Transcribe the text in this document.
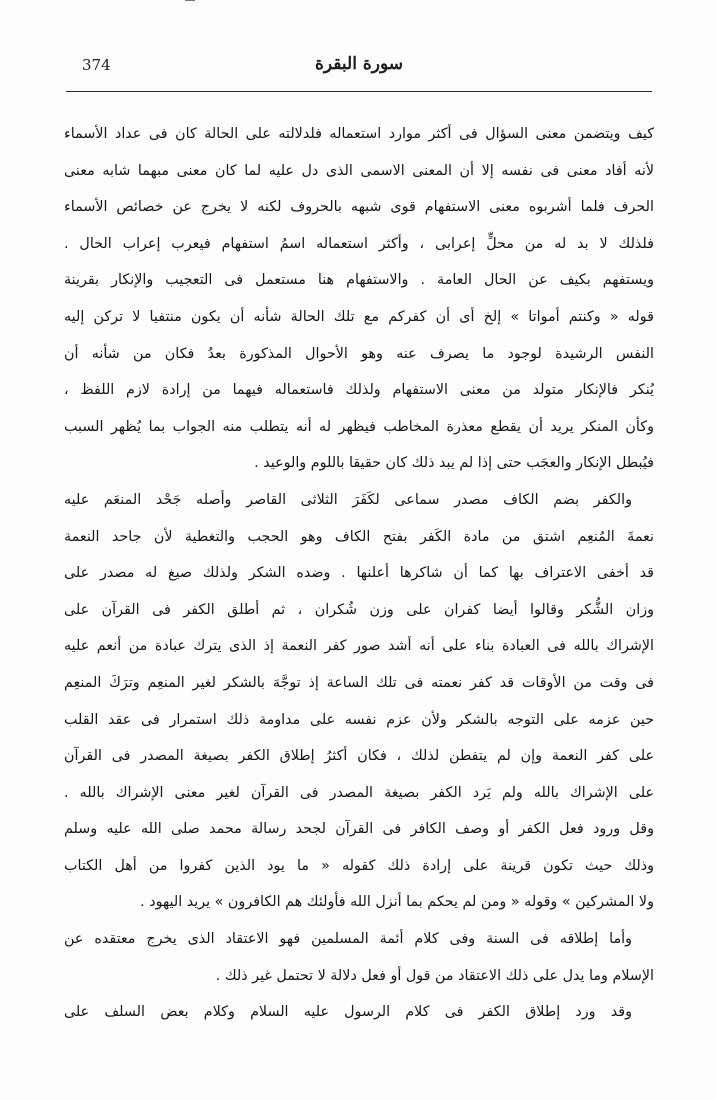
374	سورة البقرة
كيف ويتضمن معنى السؤال فى أكثر موارد استعماله فلدلالته على الحالة كان فى عداد الأسماء
لأنه أفاد معنى فى نفسه إلا أن المعنى الاسمى الذى دل عليه لما كان معنى مبهما شابه معنى
الحرف فلما أشربوه معنى الاستفهام قوى شبهه بالحروف لكنه لا يخرج عن خصائص الأسماء
فلذلك لا بد له من محلٍّ إعرابى ، وأكثر استعماله اسمُ استفهام فيعرب إعراب الحال .
ويستفهم بكيف عن الحال العامة . والاستفهام هنا مستعمل فى التعجيب والإنكار بقرينة
قوله « وكنتم أمواتا » إلخ أى أن كفركم مع تلك الحالة شأنه أن يكون منتفيا لا تركن إليه
النفس الرشيدة لوجود ما يصرف عنه وهو الأحوال المذكورة بعدُ فكان من شأنه أن
يُنكر فالإنكار متولد من معنى الاستفهام ولذلك فاستعماله فيهما من إرادة لازم اللفظ ،
وكأن المنكر يريد أن يقطع معذرة المخاطب فيظهر له أنه يتطلب منه الجواب بما يُظهر السبب
فيُبطل الإنكار والعجَب حتى إذا لم يبد ذلك كان حقيقا باللوم والوعيد .
والكفر بضم الكاف مصدر سماعى لكَفَرَ الثلاثى القاصر وأصله جَحْد المنعَم عليه
نعمةَ المُنعِم اشتق من مادة الكَفر بفتح الكاف وهو الحجب والتغطية لأن جاحد النعمة
قد أخفى الاعتراف بها كما أن شاكرها أعلنها . وضده الشكر ولذلك صيغ له مصدر على
وزان الشُّكر وقالوا أيضا كفران على وزن شُكران ، ثم أطلق الكفر فى القرآن على
الإشراك بالله فى العبادة بناء على أنه أشد صور كفر النعمة إذ الذى يترك عبادة من أنعم عليه
فى وقت من الأوقات قد كفر نعمته فى تلك الساعة إذ توجَّهَ بالشكر لغير المنعِم وترَكَ المنعِم
حين عزمه على التوجه بالشكر ولأن عزم نفسه على مداومة ذلك استمرار فى عقد القلب
على كفر النعمة وإن لم يتفطن لذلك ، فكان أكثرُ إطلاق الكفر بصيغة المصدر فى القرآن
على الإشراك بالله ولم يَرد الكفر بصيغة المصدر فى القرآن لغير معنى الإشراك بالله .
وقل ورود فعل الكفر أو وصف الكافر فى القرآن لجحد رسالة محمد صلى الله عليه وسلم
وذلك حيث تكون قرينة على إرادة ذلك كقوله « ما يود الذين كفروا من أهل الكتاب
ولا المشركين » وقوله « ومن لم يحكم بما أنزل الله فأولئك هم الكافرون » يريد اليهود .
وأما إطلاقه فى السنة وفى كلام أئمة المسلمين فهو الاعتقاد الذى يخرج معتقده عن
الإسلام وما يدل على ذلك الاعتقاد من قول أو فعل دلالة لا تحتمل غير ذلك .
وقد ورد إطلاق الكفر فى كلام الرسول عليه السلام وكلام بعض السلف على
